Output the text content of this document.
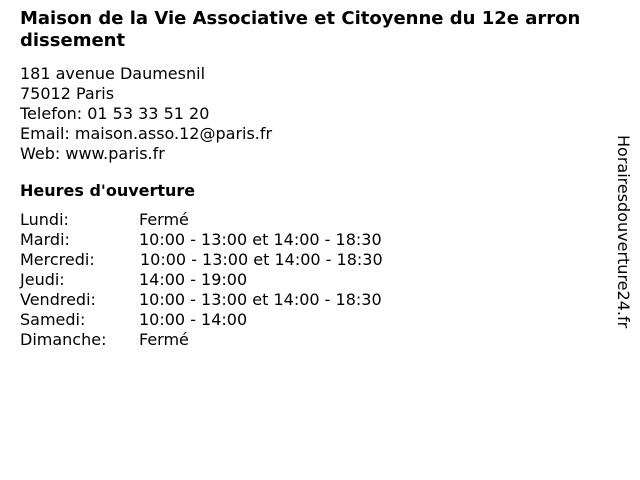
Maison de la Vie Associative et Citoyenne du 12e arrondissement
181 avenue Daumesnil
75012 Paris
Telefon: 01 53 33 51 20
Email: maison.asso.12@paris.fr
Web: www.paris.fr
Heures d'ouverture
Lundi:	Fermé
Mardi:	10:00 - 13:00 et 14:00 - 18:30
Mercredi:	10:00 - 13:00 et 14:00 - 18:30
Jeudi:	14:00 - 19:00
Vendredi:	10:00 - 13:00 et 14:00 - 18:30
Samedi:	10:00 - 14:00
Dimanche:	Fermé
Horairesdouverture24.fr
